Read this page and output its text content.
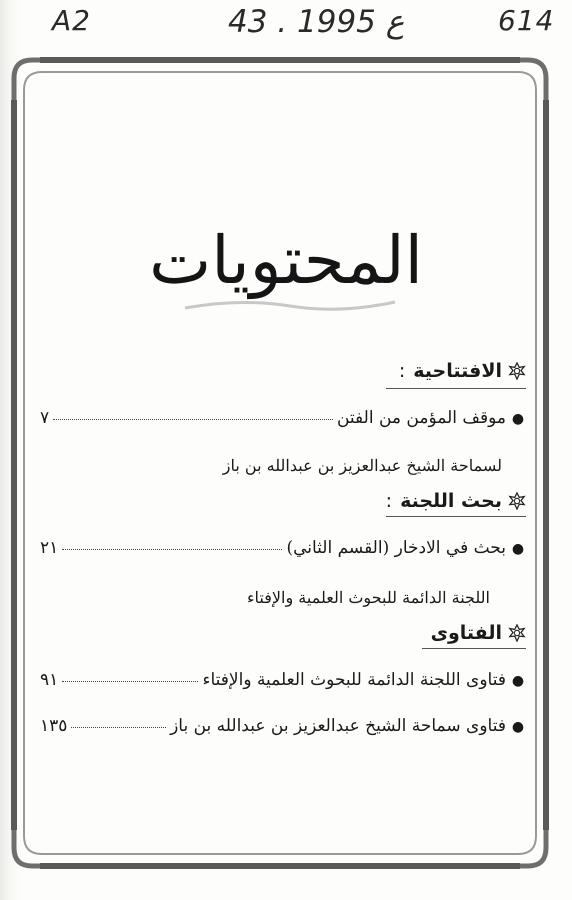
A2	43 . ع 1995	614
المحتويات
الافتتاحية
:
●
موقف المؤمن من الفتن
٧
لسماحة الشيخ عبدالعزيز بن عبدالله بن باز
بحث اللجنة
:
●
بحث في الادخار (القسم الثاني)
٢١
اللجنة الدائمة للبحوث العلمية والإفتاء
الفتاوى
●
فتاوى اللجنة الدائمة للبحوث العلمية والإفتاء
٩١
●
فتاوى سماحة الشيخ عبدالعزيز بن عبدالله بن باز
١٣٥
